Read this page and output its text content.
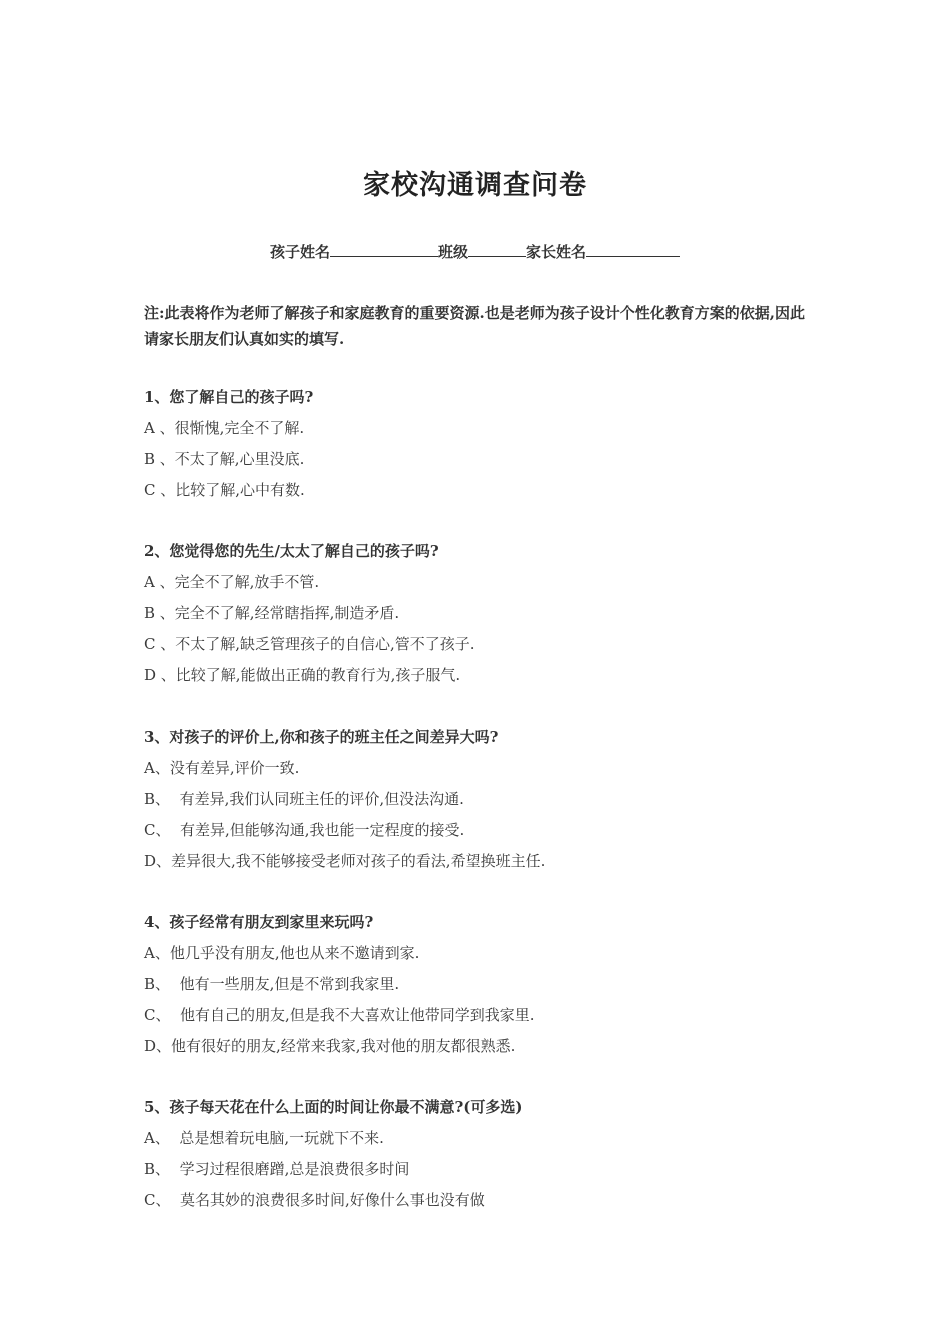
家校沟通调查问卷
孩子姓名	班级	家长姓名
注:此表将作为老师了解孩子和家庭教育的重要资源.也是老师为孩子设计个性化教育方案的依据,因此请家长朋友们认真如实的填写.
1、您了解自己的孩子吗?
A 、很惭愧,完全不了解.
B 、不太了解,心里没底.
C 、比较了解,心中有数.
2、您觉得您的先生/太太了解自己的孩子吗?
A 、完全不了解,放手不管.
B 、完全不了解,经常瞎指挥,制造矛盾.
C 、不太了解,缺乏管理孩子的自信心,管不了孩子.
D 、比较了解,能做出正确的教育行为,孩子服气.
3、对孩子的评价上,你和孩子的班主任之间差异大吗?
A、没有差异,评价一致.
B、  有差异,我们认同班主任的评价,但没法沟通.
C、  有差异,但能够沟通,我也能一定程度的接受.
D、差异很大,我不能够接受老师对孩子的看法,希望换班主任.
4、孩子经常有朋友到家里来玩吗?
A、他几乎没有朋友,他也从来不邀请到家.
B、  他有一些朋友,但是不常到我家里.
C、  他有自己的朋友,但是我不大喜欢让他带同学到我家里.
D、他有很好的朋友,经常来我家,我对他的朋友都很熟悉.
5、孩子每天花在什么上面的时间让你最不满意?(可多选)
A、  总是想着玩电脑,一玩就下不来.
B、  学习过程很磨蹭,总是浪费很多时间
C、  莫名其妙的浪费很多时间,好像什么事也没有做
